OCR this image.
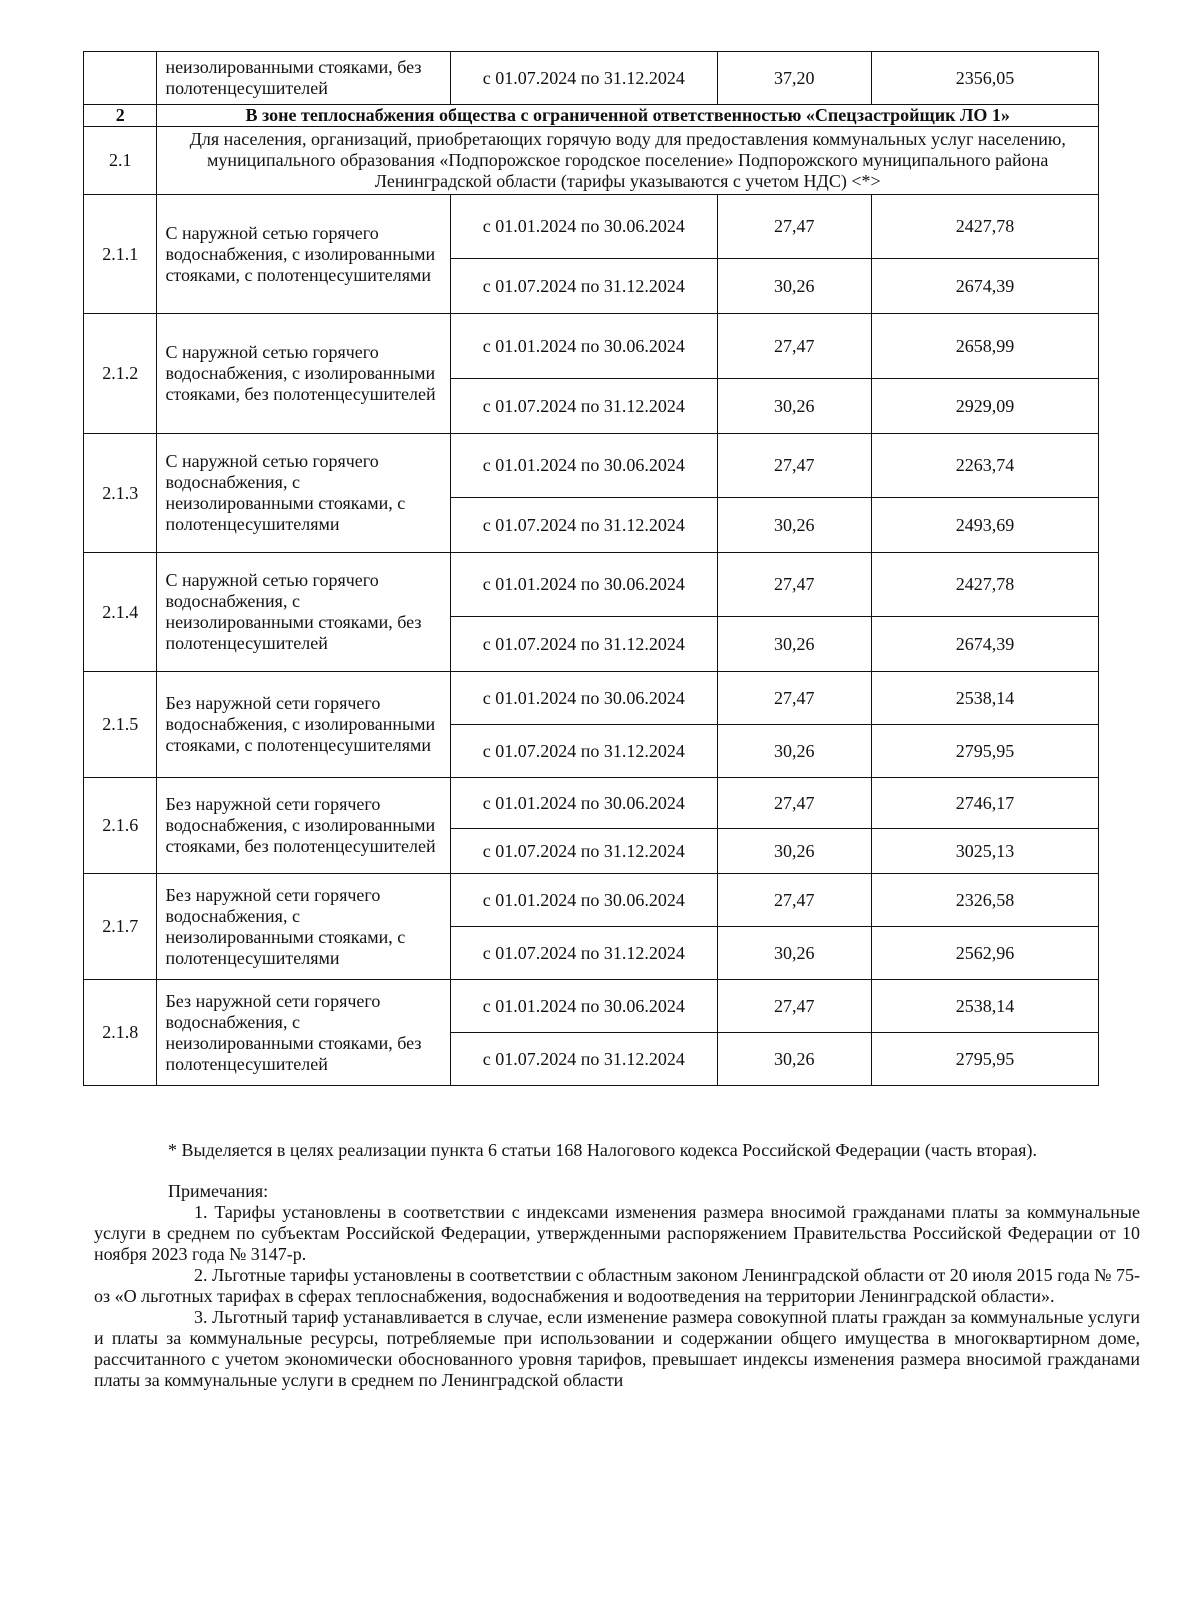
	неизолированными стояками, без полотенцесушителей	с 01.07.2024 по 31.12.2024	37,20	2356,05
2	В зоне теплоснабжения общества с ограниченной ответственностью «Спецзастройщик ЛО 1»			
2.1	Для населения, организаций, приобретающих горячую воду для предоставления коммунальных услуг населению, муниципального образования «Подпорожское городское поселение» Подпорожского муниципального района Ленинградской области (тарифы указываются с учетом НДС) <*>			
2.1.1	С наружной сетью горячего водоснабжения, с изолированными стояками, с полотенцесушителями	с 01.01.2024 по 30.06.2024	27,47	2427,78
		с 01.07.2024 по 31.12.2024	30,26	2674,39
2.1.2	С наружной сетью горячего водоснабжения, с изолированными стояками, без полотенцесушителей	с 01.01.2024 по 30.06.2024	27,47	2658,99
		с 01.07.2024 по 31.12.2024	30,26	2929,09
2.1.3	С наружной сетью горячего водоснабжения, с неизолированными стояками, с полотенцесушителями	с 01.01.2024 по 30.06.2024	27,47	2263,74
		с 01.07.2024 по 31.12.2024	30,26	2493,69
2.1.4	С наружной сетью горячего водоснабжения, с неизолированными стояками, без полотенцесушителей	с 01.01.2024 по 30.06.2024	27,47	2427,78
		с 01.07.2024 по 31.12.2024	30,26	2674,39
2.1.5	Без наружной сети горячего водоснабжения, с изолированными стояками, с полотенцесушителями	с 01.01.2024 по 30.06.2024	27,47	2538,14
		с 01.07.2024 по 31.12.2024	30,26	2795,95
2.1.6	Без наружной сети горячего водоснабжения, с изолированными стояками, без полотенцесушителей	с 01.01.2024 по 30.06.2024	27,47	2746,17
		с 01.07.2024 по 31.12.2024	30,26	3025,13
2.1.7	Без наружной сети горячего водоснабжения, с неизолированными стояками, с полотенцесушителями	с 01.01.2024 по 30.06.2024	27,47	2326,58
		с 01.07.2024 по 31.12.2024	30,26	2562,96
2.1.8	Без наружной сети горячего водоснабжения, с неизолированными стояками, без полотенцесушителей	с 01.01.2024 по 30.06.2024	27,47	2538,14
		с 01.07.2024 по 31.12.2024	30,26	2795,95

* Выделяется в целях реализации пункта 6 статьи 168 Налогового кодекса Российской Федерации (часть вторая).

Примечания:

1. Тарифы установлены в соответствии с индексами изменения размера вносимой гражданами платы за коммунальные услуги в среднем по субъектам Российской Федерации, утвержденными распоряжением Правительства Российской Федерации от 10 ноября 2023 года № 3147-р.

2. Льготные тарифы установлены в соответствии с областным законом Ленинградской области от 20 июля 2015 года № 75-оз «О льготных тарифах в сферах теплоснабжения, водоснабжения и водоотведения на территории Ленинградской области».

3. Льготный тариф устанавливается в случае, если изменение размера совокупной платы граждан за коммунальные услуги и платы за коммунальные ресурсы, потребляемые при использовании и содержании общего имущества в многоквартирном доме, рассчитанного с учетом экономически обоснованного уровня тарифов, превышает индексы изменения размера вносимой гражданами платы за коммунальные услуги в среднем по Ленинградской области
